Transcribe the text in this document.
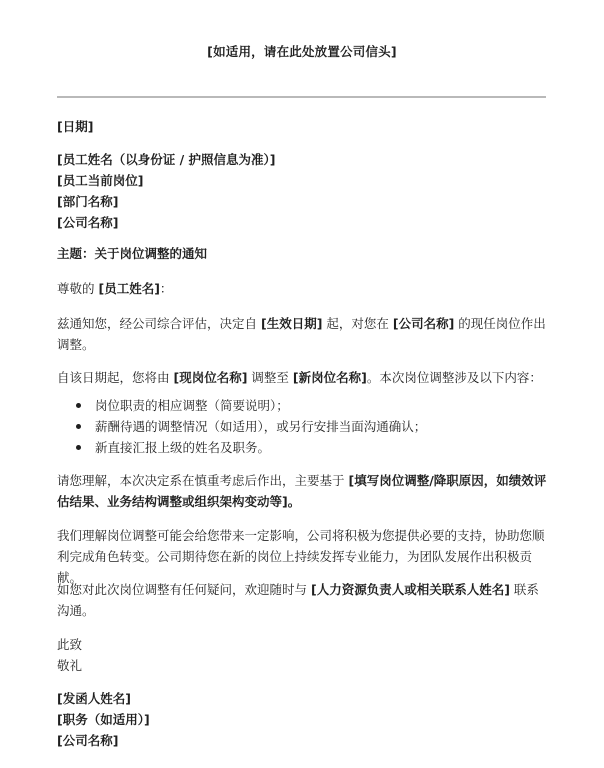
[如适用，请在此处放置公司信头]
[日期]
[员工姓名（以身份证 / 护照信息为准）]
[员工当前岗位]
[部门名称]
[公司名称]
主题：关于岗位调整的通知
尊敬的 [员工姓名]：
兹通知您，经公司综合评估，决定自 [生效日期] 起，对您在 [公司名称] 的现任岗位作出调整。
自该日期起，您将由 [现岗位名称] 调整至 [新岗位名称]。本次岗位调整涉及以下内容：
岗位职责的相应调整（简要说明）；
薪酬待遇的调整情况（如适用），或另行安排当面沟通确认；
新直接汇报上级的姓名及职务。
请您理解，本次决定系在慎重考虑后作出，主要基于 [填写岗位调整/降职原因，如绩效评估结果、业务结构调整或组织架构变动等]。
我们理解岗位调整可能会给您带来一定影响，公司将积极为您提供必要的支持，协助您顺利完成角色转变。公司期待您在新的岗位上持续发挥专业能力，为团队发展作出积极贡献。
如您对此次岗位调整有任何疑问，欢迎随时与 [人力资源负责人或相关联系人姓名] 联系沟通。
此致
敬礼
[发函人姓名]
[职务（如适用）]
[公司名称]
